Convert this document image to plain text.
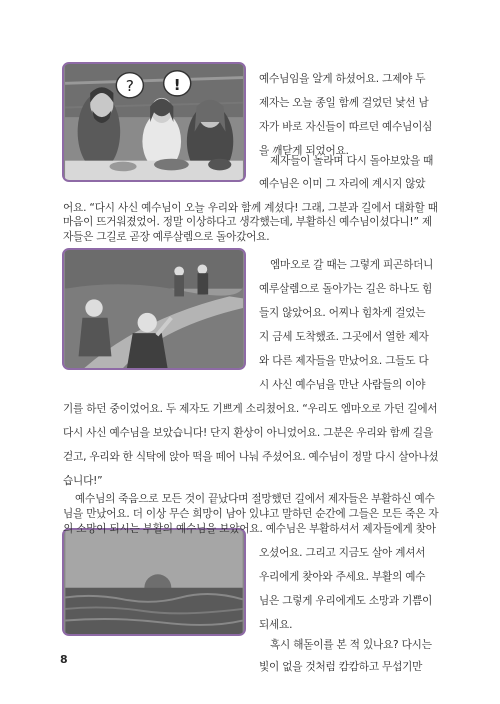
? !	예수님임을 알게 하셨어요. 그제야 두
제자는 오늘 종일 함께 걸었던 낯선 남
자가 바로 자신들이 따르던 예수님이심
을 깨닫게 되었어요.
제자들이 놀라며 다시 돌아보았을 때
예수님은 이미 그 자리에 계시지 않았
어요. “다시 사신 예수님이 오늘 우리와 함께 계셨다! 그래, 그분과 길에서 대화할 때
마음이 뜨거워졌었어. 정말 이상하다고 생각했는데, 부활하신 예수님이셨다니!” 제
자들은 그길로 곧장 예루살렘으로 돌아갔어요.
엠마오로 갈 때는 그렇게 피곤하더니
예루살렘으로 돌아가는 길은 하나도 힘
들지 않았어요. 어찌나 힘차게 걸었는
지 금세 도착했죠. 그곳에서 열한 제자
와 다른 제자들을 만났어요. 그들도 다
시 사신 예수님을 만난 사람들의 이야
기를 하던 중이었어요. 두 제자도 기쁘게 소리쳤어요. “우리도 엠마오로 가던 길에서
다시 사신 예수님을 보았습니다! 단지 환상이 아니었어요. 그분은 우리와 함께 길을
걷고, 우리와 한 식탁에 앉아 떡을 떼어 나눠 주셨어요. 예수님이 정말 다시 살아나셨
습니다!”
예수님의 죽음으로 모든 것이 끝났다며 절망했던 길에서 제자들은 부활하신 예수
님을 만났어요. 더 이상 무슨 희망이 남아 있냐고 말하던 순간에 그들은 모든 죽은 자
의 소망이 되시는 부활의 예수님을 보았어요. 예수님은 부활하셔서 제자들에게 찾아
오셨어요. 그리고 지금도 살아 계셔서
우리에게 찾아와 주세요. 부활의 예수
님은 그렇게 우리에게도 소망과 기쁨이
되세요.
혹시 해돋이를 본 적 있나요? 다시는
빛이 없을 것처럼 캄캄하고 무섭기만
8
